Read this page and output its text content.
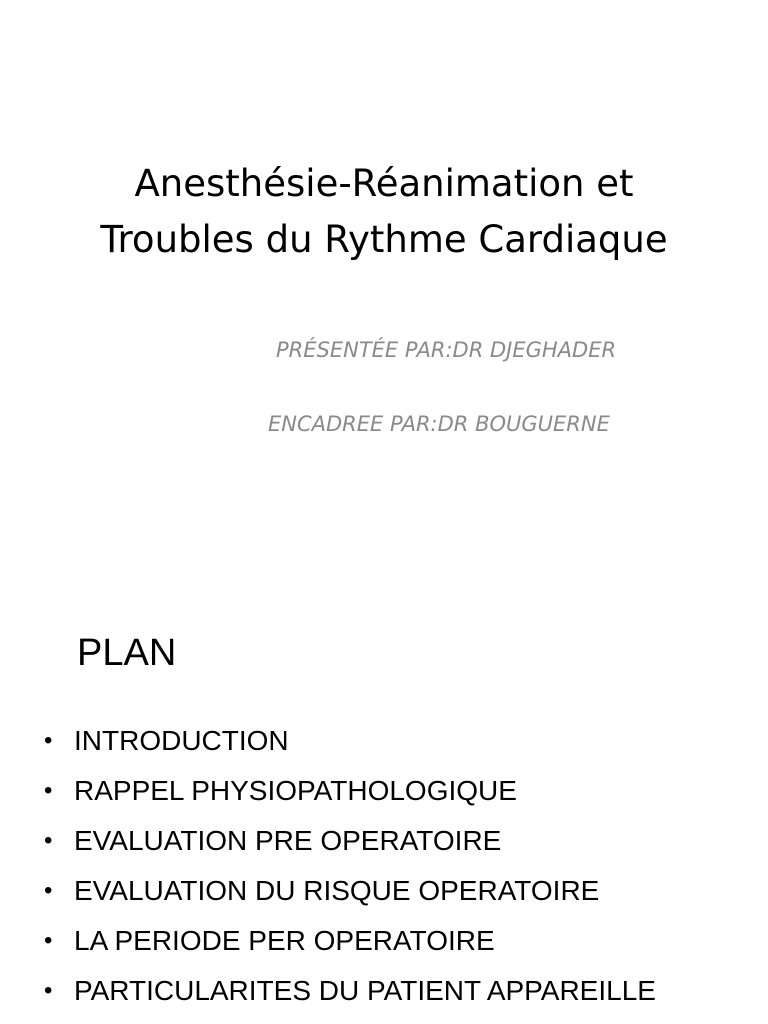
Anesthésie-Réanimation et
Troubles du Rythme Cardiaque
PRÉSENTÉE PAR:DR DJEGHADER
ENCADREE PAR:DR BOUGUERNE
PLAN
• INTRODUCTION
• RAPPEL PHYSIOPATHOLOGIQUE
• EVALUATION PRE OPERATOIRE
• EVALUATION DU RISQUE OPERATOIRE
• LA PERIODE PER OPERATOIRE
• PARTICULARITES DU PATIENT APPAREILLE
